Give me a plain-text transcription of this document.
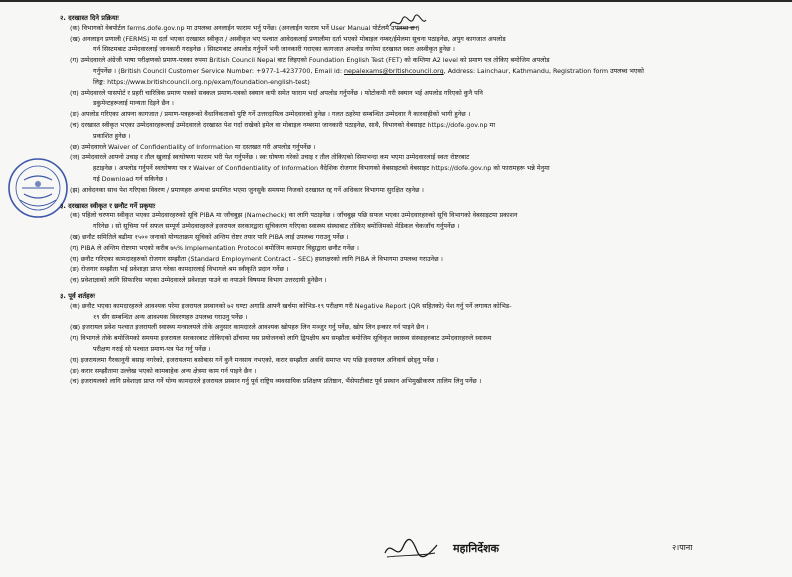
२. दरखास्त दिने प्रक्रियाः
(क) विभागको वेबपोर्टल ferms.dofe.gov.np मा उपलब्ध अनलाईन फाराम भर्नु पर्नेछ। (अनलाईन फाराम भर्ने User Manual पोर्टलमै उपलब्ध छ।)
(ख) अनलाइन प्रणाली (FERMS) मा दर्ता भएका दरखास्त स्वीकृत / अस्वीकृत भए पश्चात आवेदकलाई प्रणालीमा दर्ता भएको मोबाइल नम्बर/ईमेलमा सूचना पठाइनेछ, अपुग कागजात अपलोड
गर्न सिस्टमबाट उम्मेदवारलाई जानकारी गराइनेछ । सिस्टमबाट अपलोड गर्नुपर्ने भनी जानकारी गराएका कागजात अपलोड नगरेमा दरखास्त स्वतः अस्वीकृत हुनेछ ।
(ग) उम्मेदवारले अंग्रेजी भाषा परीक्षणको प्रमाण-पत्रका रुपमा British Council Nepal बाट लिइएको Foundation English Test (FET) को कम्तिमा A2 level को प्रमाण पत्र तोकिए बमोजिम अपलोड
गर्नुपर्नेछ । (British Council Customer Service Number: +977-1-4237700, Email id: nepalexams@britishcouncil.org, Address: Lainchaur, Kathmandu, Registration form उपलब्ध भएको
लिङ्क: https://www.britishcouncil.org.np/exam/foundation-english-test)
(घ) उम्मेदवारले पासपोर्ट र प्रहरी चारित्रिक प्रमाण पत्रको सक्कल प्रमाण-पत्रको स्क्यान कपी समेत फाराम भर्दा अपलोड गर्नुपर्नेछ । फोटोकपी गरी स्क्यान भई अपलोड गरिएको कुनै पनि
डकुमेन्टहरूलाई मान्यता दिइने छैन ।
(ङ) अपलोड गरिएका आफ्ना कागजात / प्रमाण-पत्रहरूको वैधानिकताको पुष्टि गर्ने उत्तरदायित्व उम्मेदवारको हुनेछ । गलत ठहरेमा सम्बन्धित उम्मेदवार नै कारवाहीको भागी हुनेछ ।
(च) दरखास्त स्वीकृत भएका उम्मेदवारहरूलाई उम्मेदवारले दरखास्त पेश गर्दा राखेको इमेल वा मोबाइल नम्बरमा जानकारी पठाइनेछ, साथै, विभागको वेबसाइट https://dofe.gov.np मा
प्रकाशित हुनेछ ।
(छ) उम्मेदवारले Waiver of Confidentiality of Information मा दस्तखत गरी अपलोड गर्नुपर्नेछ ।
(ज) उम्मेदवारले आफ्नो उचाइ र तौल खुलाई स्वःघोषणा फाराम भरी पेश गर्नुपर्नेछ । स्वः घोषणा गरेको उचाइ र तौल तोकिएको सिमाभन्दा कम भएमा उम्मेदवारलाई स्वतः रोष्टरबाट
हटाइनेछ । अपलोड गर्नुपर्ने स्वःघोषणा पत्र र Waiver of Confidentiality of Information वैदेशिक रोजगार विभागको वेबसाइटको वेबसाइट https://dofe.gov.np को फारामहरू भन्ने मेनुमा
गई Download गर्न सकिनेछ ।
(झ) आवेदनका साथ पेश गरिएका विवरण / प्रमाणहरु अन्यथा प्रमाणित भएमा जुनसुकै समयमा निजको दरखास्त रद्द गर्ने अधिकार विभागमा सुरक्षित रहनेछ ।
३. दरखास्त स्वीकृत र छनौट गर्ने प्रकृयाः
(क) पहिलो चरणमा स्वीकृत भएका उम्मेदवारहरुको सूचि PIBA मा जाँचबुझ (Namecheck) का लागि पठाइनेछ । जाँचबुझ पछि सफल भएका उम्मेदवारहरुको सूचि विभागको वेबसाइटमा प्रकाशन
गरिनेछ । सो सूचिमा पर्न सफल सम्पूर्ण उम्मेदवारहरुले इजरायल सरकारद्वारा सूचिकरण गरिएका स्वास्थ्य संस्थाबाट तोकिए बमोजिमको मेडिकल चेकजाँच गर्नुपर्नेछ ।
(ख) छनौट समितिले बढीमा १५०० जनाको योग्यताक्रम सूचिको अन्तिम रोष्टर तयार पारि PIBA लाई उपलब्ध गराउनु पर्नेछ ।
(ग) PIBA ले अन्तिम रोष्टरमा भएको करीब ७५% Implementation Protocol बमोजिम कामदार चिट्ठाद्वारा छनौट गर्नेछ ।
(घ) छनौट गरिएका कामदारहरुको रोजगार सम्झौता (Standard Employment Contract – SEC) हस्ताक्षरको लागि PIBA ले विभागमा उपलब्ध गराउनेछ ।
(ङ) रोजगार सम्झौता भई प्रवेशाज्ञा प्राप्त गरेका कामदारलाई विभागले श्रम स्वीकृति प्रदान गर्नेछ ।
(च) प्रवेशाज्ञाको लागि सिफारिस भएका उम्मेदवारले प्रवेशाज्ञा पाउने वा नपाउने विषयमा विभाग उत्तरदायी हुनेछैन ।
३. पूर्व शर्तहरुः
(क) छनौट भएका कामदारहरुले आवश्यक परेमा इजरायल प्रस्थानको ७२ घण्टा अगाडि आफ्नै खर्चमा कोभिड-१९ परीक्षण गरी Negative Report (QR सहितको) पेश गर्नु पर्ने लगायत कोभिड-
१९ सँग सम्बन्धित अन्य आवश्यक विवरणहरु उपलब्ध गराउनु पर्नेछ ।
(ख) इजरायल प्रवेश पश्चात इजरायली स्वास्थ्य मन्त्रालयले तोके अनुसार कामदारले आवश्यक खोपहरु लिन मञ्जुर गर्नु पर्नेछ, खोप लिन इन्कार गर्न पाइने छैन ।
(ग) विभागले तोके बमोजिमको समयमा इजरायल सरकारबाट तोकिएको ढाँचामा यस प्रयोजनको लागि द्विपक्षीय श्रम सम्झौता बमोजिम सूचिकृत स्वास्थ्य संस्थाहरुबाट उम्मेदवारहरुले स्वास्थ्य
परीक्षण गराई सो पश्चात प्रमाण-पत्र पेश गर्नु पर्नेछ ।
(घ) इजरायलमा गैरकानूनी बसाइ नगरेको, इजरायलमा बसोबास गर्ने कुनै मनसाय नभएको, करार सम्झौता अवधि समाप्त भए पछि इजरायल अनिवार्य छोड्नु पर्नेछ ।
(ङ) करार सम्झौतामा उल्लेख भएको कामबाहेक अन्य क्षेत्रमा काम गर्न पाइने छैन ।
(च) इजरायलको लागि प्रवेशाज्ञा प्राप्त गर्ने योग्य कामदारले इजरायल प्रस्थान गर्नु पूर्व राष्ट्रिय व्यवसायिक प्रशिक्षण प्रतिष्ठान, भैंसेपाटीबाट पूर्व प्रस्थान अभिमुखीकरण तालिम लिनु पर्नेछ ।
महानिर्देशक	२।पाना
